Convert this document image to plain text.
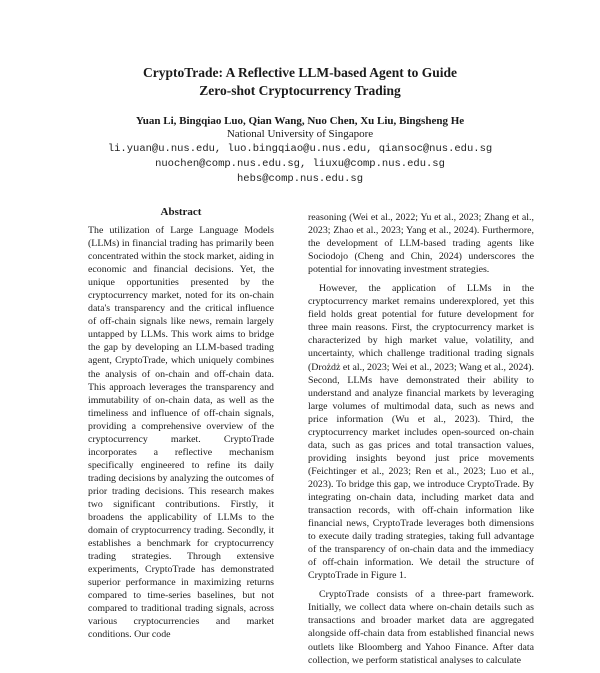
CryptoTrade: A Reflective LLM-based Agent to Guide
Zero-shot Cryptocurrency Trading
Yuan Li, Bingqiao Luo, Qian Wang, Nuo Chen, Xu Liu, Bingsheng He
National University of Singapore
li.yuan@u.nus.edu, luo.bingqiao@u.nus.edu, qiansoc@nus.edu.sg
nuochen@comp.nus.edu.sg, liuxu@comp.nus.edu.sg
hebs@comp.nus.edu.sg
Abstract

The utilization of Large Language Models (LLMs) in financial trading has primarily been concentrated within the stock market, aiding in economic and financial decisions. Yet, the unique opportunities presented by the cryptocurrency market, noted for its on-chain data's transparency and the critical influence of off-chain signals like news, remain largely untapped by LLMs. This work aims to bridge the gap by developing an LLM-based trading agent, CryptoTrade, which uniquely combines the analysis of on-chain and off-chain data. This approach leverages the transparency and immutability of on-chain data, as well as the timeliness and influence of off-chain signals, providing a comprehensive overview of the cryptocurrency market. CryptoTrade incorporates a reflective mechanism specifically engineered to refine its daily trading decisions by analyzing the outcomes of prior trading decisions. This research makes two significant contributions. Firstly, it broadens the applicability of LLMs to the domain of cryptocurrency trading. Secondly, it establishes a benchmark for cryptocurrency trading strategies. Through extensive experiments, CryptoTrade has demonstrated superior performance in maximizing returns compared to time-series baselines, but not compared to traditional trading signals, across various cryptocurrencies and market conditions. Our code

reasoning (Wei et al., 2022; Yu et al., 2023; Zhang et al., 2023; Zhao et al., 2023; Yang et al., 2024). Furthermore, the development of LLM-based trading agents like Sociodojo (Cheng and Chin, 2024) underscores the potential for innovating investment strategies.

However, the application of LLMs in the cryptocurrency market remains underexplored, yet this field holds great potential for future development for three main reasons. First, the cryptocurrency market is characterized by high market value, volatility, and uncertainty, which challenge traditional trading signals (Drożdż et al., 2023; Wei et al., 2023; Wang et al., 2024). Second, LLMs have demonstrated their ability to understand and analyze financial markets by leveraging large volumes of multimodal data, such as news and price information (Wu et al., 2023). Third, the cryptocurrency market includes open-sourced on-chain data, such as gas prices and total transaction values, providing insights beyond just price movements (Feichtinger et al., 2023; Ren et al., 2023; Luo et al., 2023). To bridge this gap, we introduce CryptoTrade. By integrating on-chain data, including market data and transaction records, with off-chain information like financial news, CryptoTrade leverages both dimensions to execute daily trading strategies, taking full advantage of the transparency of on-chain data and the immediacy of off-chain information. We detail the structure of CryptoTrade in Figure 1.

CryptoTrade consists of a three-part framework. Initially, we collect data where on-chain details such as transactions and broader market data are aggregated alongside off-chain data from established financial news outlets like Bloomberg and Yahoo Finance. After data collection, we perform statistical analyses to calculate
